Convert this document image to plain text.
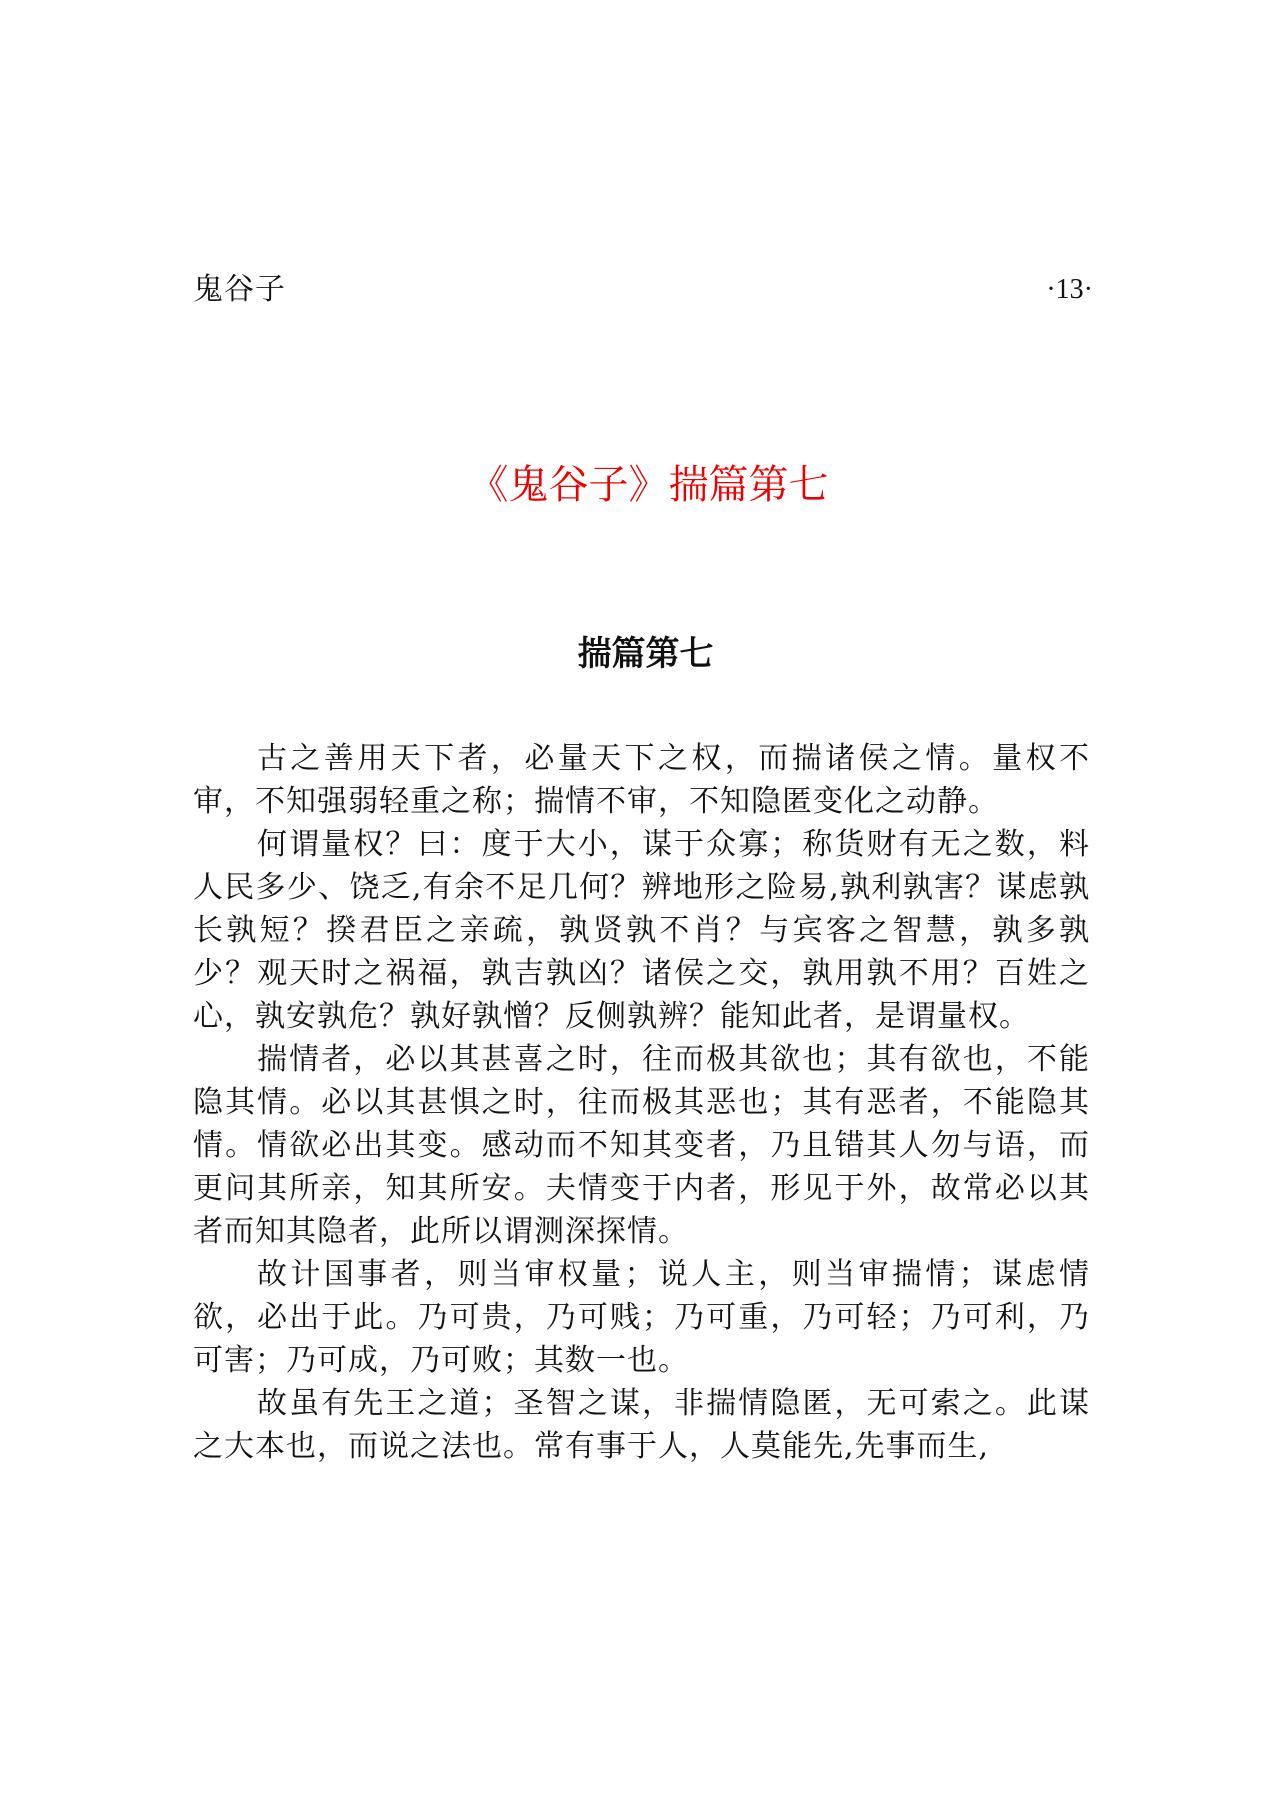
鬼谷子	·13·
《鬼谷子》揣篇第七
揣篇第七

古之善用天下者，必量天下之权，而揣诸侯之情。量权不审，不知强弱轻重之称；揣情不审，不知隐匿变化之动静。

何谓量权？曰：度于大小，谋于众寡；称货财有无之数，料人民多少、饶乏,有余不足几何？辨地形之险易,孰利孰害？谋虑孰长孰短？揆君臣之亲疏，孰贤孰不肖？与宾客之智慧，孰多孰少？观天时之祸福，孰吉孰凶？诸侯之交，孰用孰不用？百姓之心，孰安孰危？孰好孰憎？反侧孰辨？能知此者，是谓量权。

揣情者，必以其甚喜之时，往而极其欲也；其有欲也，不能隐其情。必以其甚惧之时，往而极其恶也；其有恶者，不能隐其情。情欲必出其变。感动而不知其变者，乃且错其人勿与语，而更问其所亲，知其所安。夫情变于内者，形见于外，故常必以其者而知其隐者，此所以谓测深探情。

故计国事者，则当审权量；说人主，则当审揣情；谋虑情欲，必出于此。乃可贵，乃可贱；乃可重，乃可轻；乃可利，乃可害；乃可成，乃可败；其数一也。

故虽有先王之道；圣智之谋，非揣情隐匿，无可索之。此谋之大本也，而说之法也。常有事于人，人莫能先,先事而生,
